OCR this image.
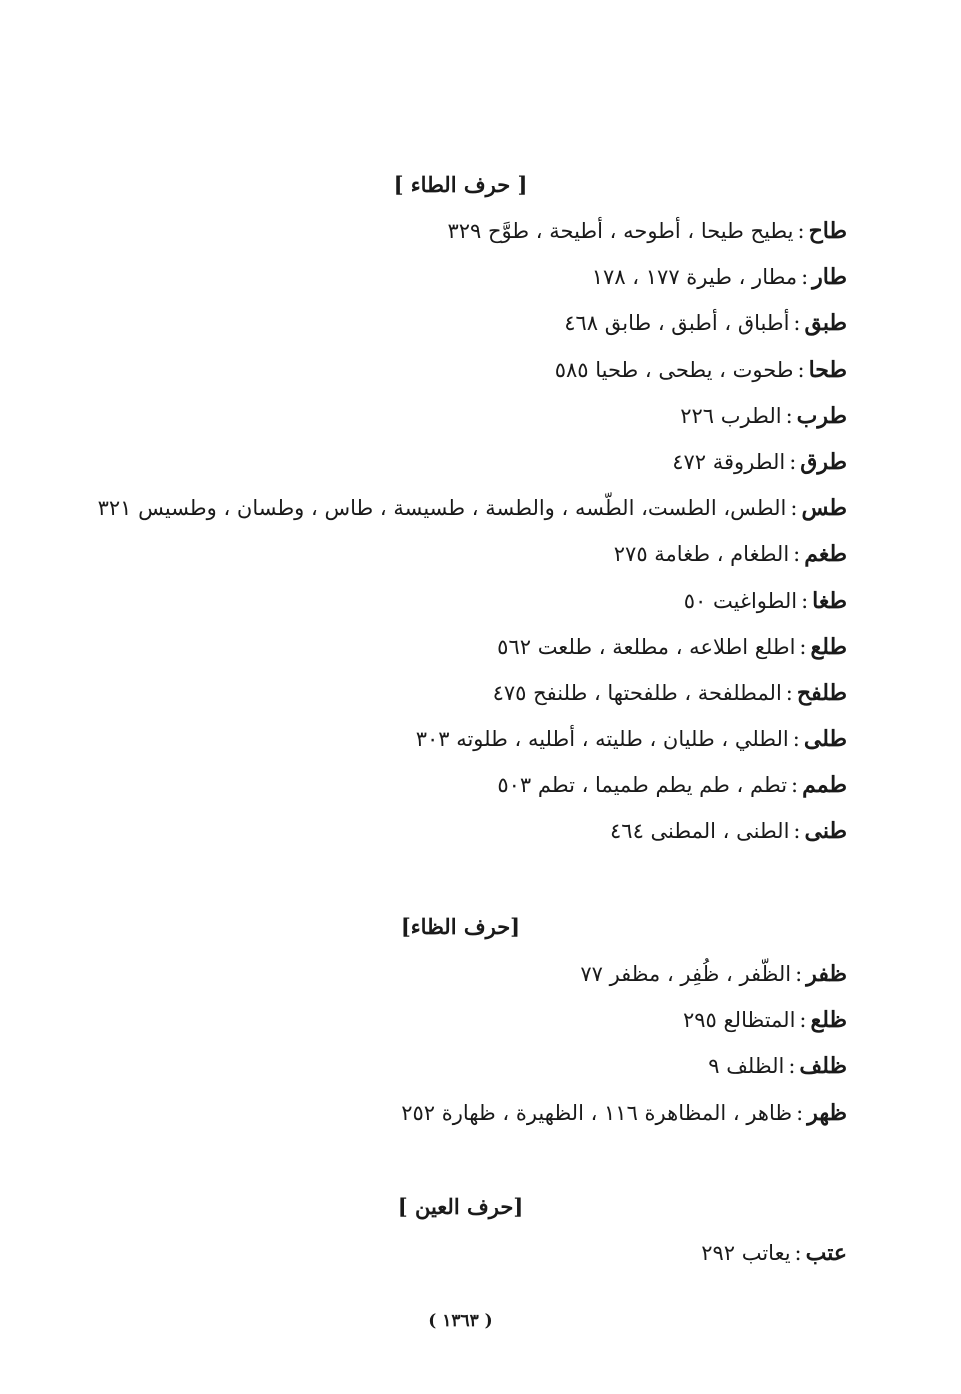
[ حرف الطاء ]
طاح:يطيح طيحا ، أطوحه ، أطيحة ، طوَّح ٣٢٩
طار:مطار ، طيرة ١٧٧ ، ١٧٨
طبق:أطباق ، أطبق ، طابق ٤٦٨
طحا:طحوت ، يطحى ، طحيا ٥٨٥
طرب:الطرب ٢٢٦
طرق:الطروقة ٤٧٢
طس:الطس، الطست، الطّسه ، والطسة ، طسيسة ، طاس ، وطسان ، وطسيس ٣٢١
طغم:الطغام ، طغامة ٢٧٥
طغا:الطواغيت ٥٠
طلع:اطلع اطلاعه ، مطلعة ، طلعت ٥٦٢
طلفح:المطلفحة ، طلفحتها ، طلنفح ٤٧٥
طلى:الطلي ، طليان ، طليته ، أطليه ، طلوته ٣٠٣
طمم:تطم ، طم يطم طميما ، تطم ٥٠٣
طنى:الطنى ، المطنى ٤٦٤
[حرف الظاء]
ظفر:الظّفر ، ظُفِر ، مظفر ٧٧
ظلع:المتظالع ٢٩٥
ظلف:الظلف ٩
ظهر:ظاهر ، المظاهرة ١١٦ ، الظهيرة ، ظهارة ٢٥٢
[حرف العين ]
عتب:يعاتب ٢٩٢
( ١٣٦٣ )
